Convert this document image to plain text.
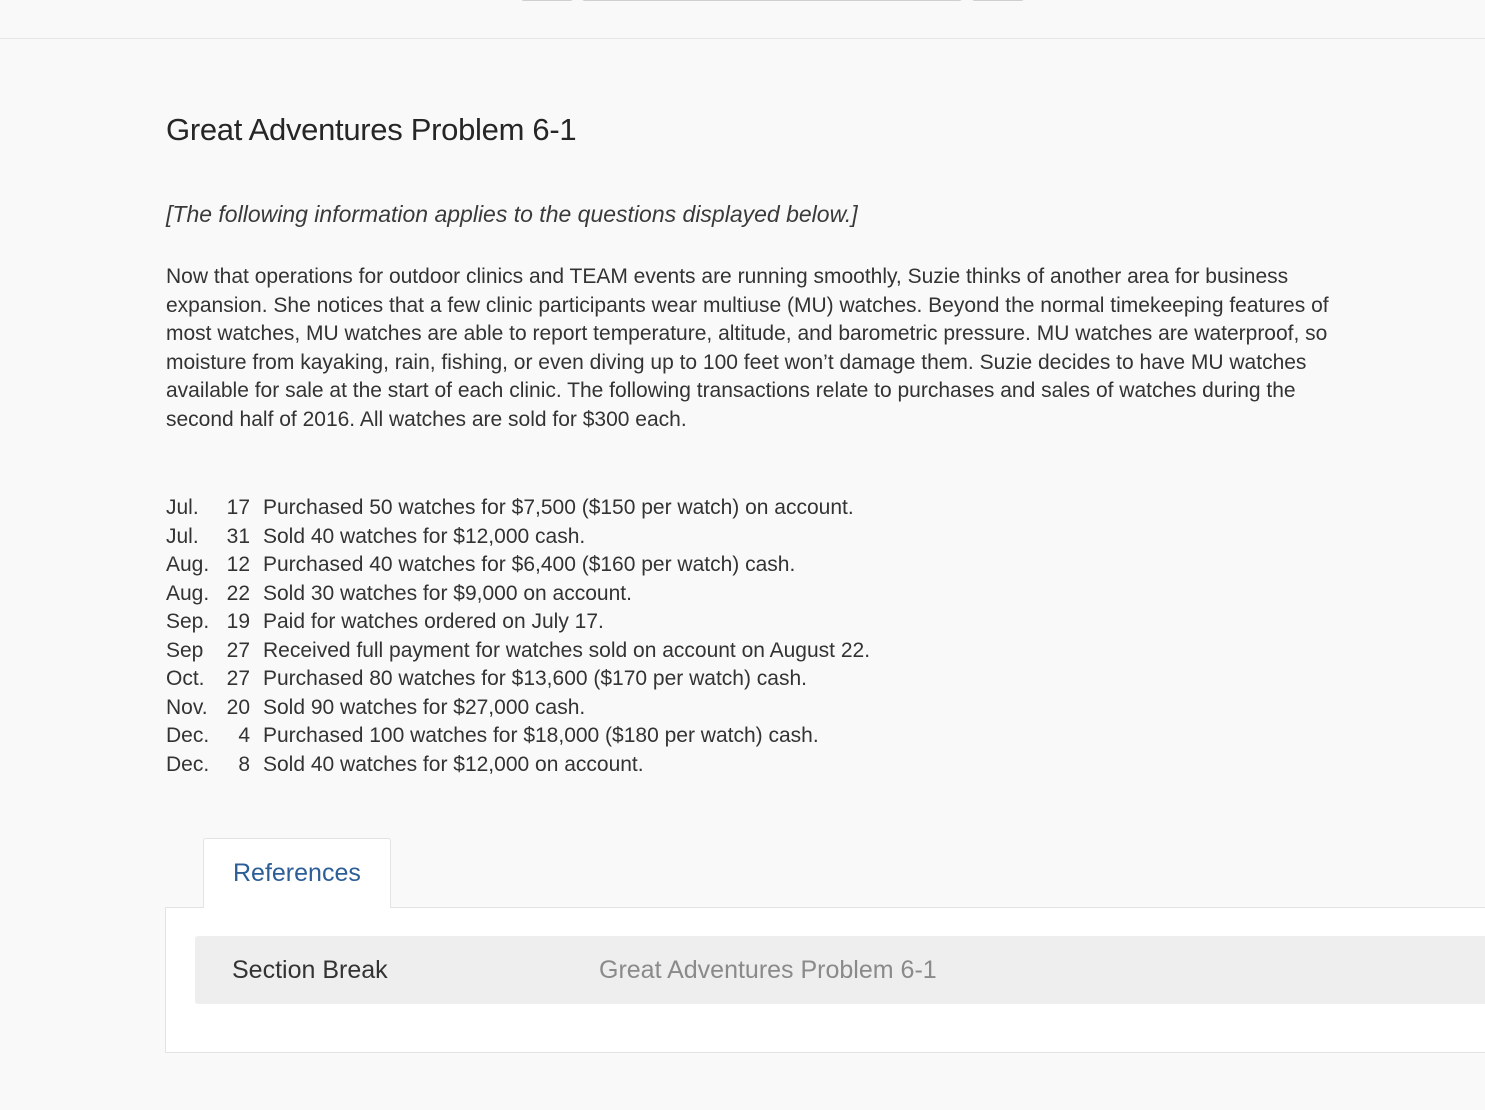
Great Adventures Problem 6-1

[The following information applies to the questions displayed below.]

Now that operations for outdoor clinics and TEAM events are running smoothly, Suzie thinks of another area for business expansion. She notices that a few clinic participants wear multiuse (MU) watches. Beyond the normal timekeeping features of most watches, MU watches are able to report temperature, altitude, and barometric pressure. MU watches are waterproof, so moisture from kayaking, rain, fishing, or even diving up to 100 feet won’t damage them. Suzie decides to have MU watches available for sale at the start of each clinic. The following transactions relate to purchases and sales of watches during the second half of 2016. All watches are sold for $300 each.

Jul.	17 Purchased 50 watches for $7,500 ($150 per watch) on account.
Jul.	31 Sold 40 watches for $12,000 cash.
Aug. 12 Purchased 40 watches for $6,400 ($160 per watch) cash.
Aug. 22 Sold 30 watches for $9,000 on account.
Sep. 19 Paid for watches ordered on July 17.
Sep	27 Received full payment for watches sold on account on August 22.
Oct.	27 Purchased 80 watches for $13,600 ($170 per watch) cash.
Nov. 20 Sold 90 watches for $27,000 cash.
Dec.	4 Purchased 100 watches for $18,000 ($180 per watch) cash.
Dec.	8 Sold 40 watches for $12,000 on account.
References
Section Break	Great Adventures Problem 6-1
